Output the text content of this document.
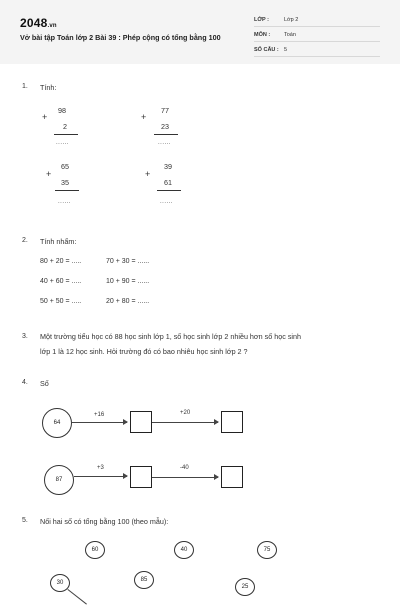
2048.vn
Vở bài tập Toán lớp 2 Bài 39 : Phép cộng có tổng bằng 100
LỚP :	Lớp 2
MÔN :	Toán
SỐ CÂU : 5
1. Tính:
+
98
2
......
+
77
23
......
+
65
35
......
+
39
61
......
2. Tính nhẩm:
80 + 20 = .....	70 + 30 = ......
40 + 60 = .....	10 + 90 = ......
50 + 50 = .....	20 + 80 = ......
3. Một trường tiểu học có 88 học sinh lớp 1, số học sinh lớp 2 nhiều hơn số học sinh
lớp 1 là 12 học sinh. Hỏi trường đó có bao nhiêu học sinh lớp 2 ?
4. Số
64
+16	+20
87
+3	-40
5. Nối hai số có tổng bằng 100 (theo mẫu):
60	40	75
30	85
25
